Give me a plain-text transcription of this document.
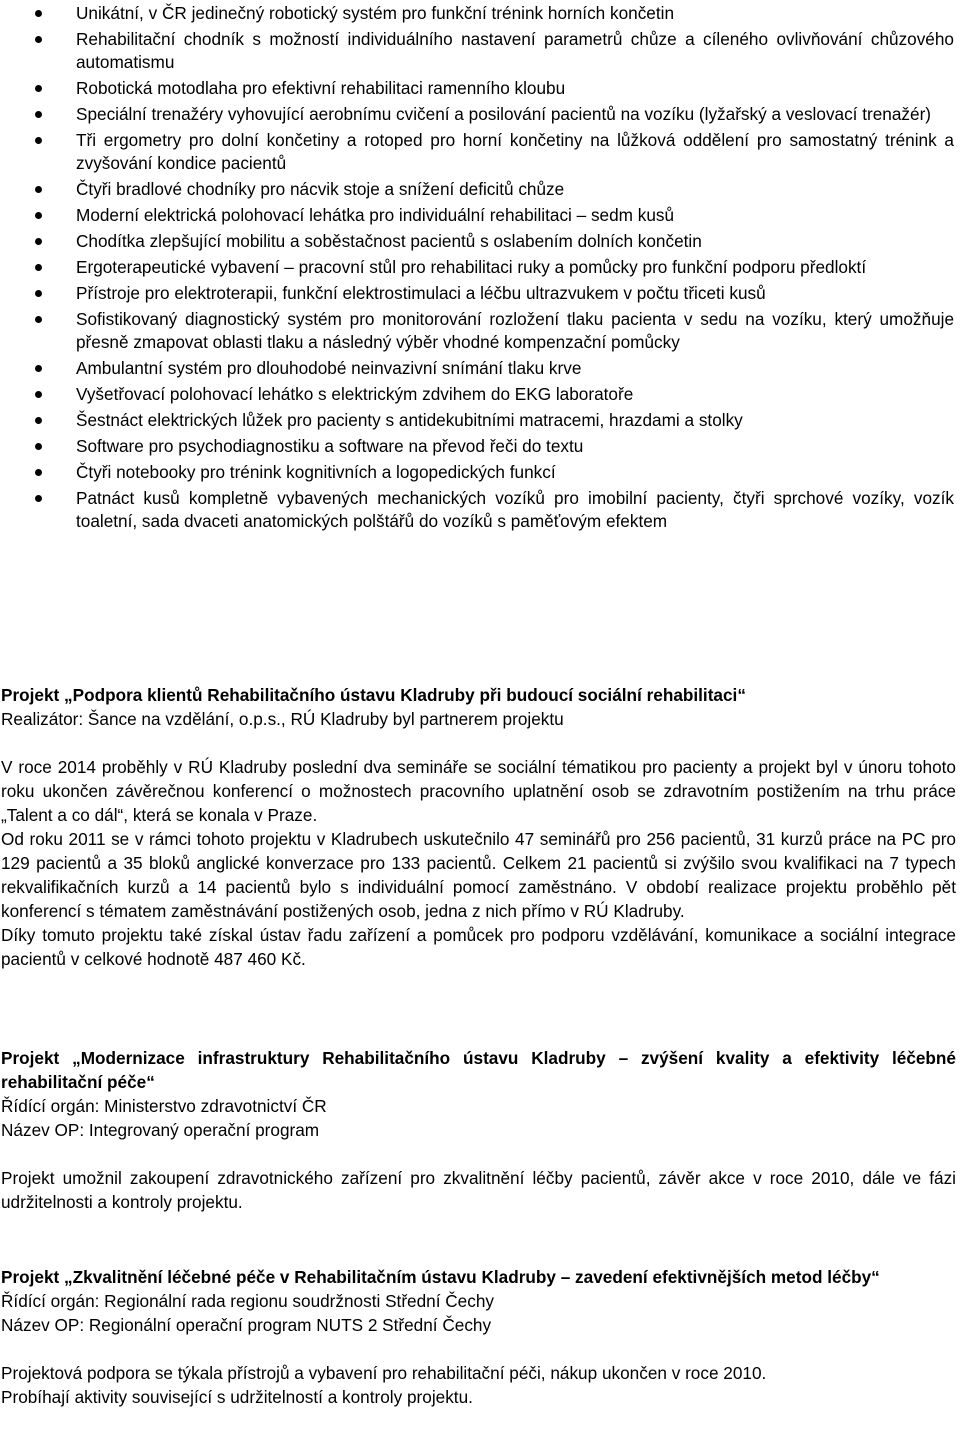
Unikátní, v ČR jedinečný robotický systém pro funkční trénink horních končetin
Rehabilitační chodník s možností individuálního nastavení parametrů chůze a cíleného ovlivňování chůzového automatismu
Robotická motodlaha pro efektivní rehabilitaci ramenního kloubu
Speciální trenažéry vyhovující aerobnímu cvičení a posilování pacientů na vozíku (lyžařský a veslovací trenažér)
Tři ergometry pro dolní končetiny a rotoped pro horní končetiny na lůžková oddělení pro samostatný trénink a zvyšování kondice pacientů
Čtyři bradlové chodníky pro nácvik stoje a snížení deficitů chůze
Moderní elektrická polohovací lehátka pro individuální rehabilitaci – sedm kusů
Chodítka zlepšující mobilitu a soběstačnost pacientů s oslabením dolních končetin
Ergoterapeutické vybavení – pracovní stůl pro rehabilitaci ruky a pomůcky pro funkční podporu předloktí
Přístroje pro elektroterapii, funkční elektrostimulaci a léčbu ultrazvukem v počtu třiceti kusů
Sofistikovaný diagnostický systém pro monitorování rozložení tlaku pacienta v sedu na vozíku, který umožňuje přesně zmapovat oblasti tlaku a následný výběr vhodné kompenzační pomůcky
Ambulantní systém pro dlouhodobé neinvazivní snímání tlaku krve
Vyšetřovací polohovací lehátko s elektrickým zdvihem do EKG laboratoře
Šestnáct elektrických lůžek pro pacienty s antidekubitními matracemi, hrazdami a stolky
Software pro psychodiagnostiku a software na převod řeči do textu
Čtyři notebooky pro trénink kognitivních a logopedických funkcí
Patnáct kusů kompletně vybavených mechanických vozíků pro imobilní pacienty, čtyři sprchové vozíky, vozík toaletní, sada dvaceti anatomických polštářů do vozíků s paměťovým efektem

Projekt „Podpora klientů Rehabilitačního ústavu Kladruby při budoucí sociální rehabilitaci“

Realizátor: Šance na vzdělání, o.p.s., RÚ Kladruby byl partnerem projektu

V roce 2014 proběhly v RÚ Kladruby poslední dva semináře se sociální tématikou pro pacienty a projekt byl v únoru tohoto roku ukončen závěrečnou konferencí o možnostech pracovního uplatnění osob se zdravotním postižením na trhu práce „Talent a co dál“, která se konala v Praze.

Od roku 2011 se v rámci tohoto projektu v Kladrubech uskutečnilo 47 seminářů pro 256 pacientů, 31 kurzů práce na PC pro 129 pacientů a 35 bloků anglické konverzace pro 133 pacientů. Celkem 21 pacientů si zvýšilo svou kvalifikaci na 7 typech rekvalifikačních kurzů a 14 pacientů bylo s individuální pomocí zaměstnáno. V období realizace projektu proběhlo pět konferencí s tématem zaměstnávání postižených osob, jedna z nich přímo v RÚ Kladruby.

Díky tomuto projektu také získal ústav řadu zařízení a pomůcek pro podporu vzdělávání, komunikace a sociální integrace pacientů v celkové hodnotě 487 460 Kč.

Projekt „Modernizace infrastruktury Rehabilitačního ústavu Kladruby – zvýšení kvality a efektivity léčebné rehabilitační péče“

Řídící orgán: Ministerstvo zdravotnictví ČR

Název OP: Integrovaný operační program

Projekt umožnil zakoupení zdravotnického zařízení pro zkvalitnění léčby pacientů, závěr akce v roce 2010, dále ve fázi udržitelnosti a kontroly projektu.

Projekt „Zkvalitnění léčebné péče v Rehabilitačním ústavu Kladruby – zavedení efektivnějších metod léčby“

Řídící orgán: Regionální rada regionu soudržnosti Střední Čechy

Název OP: Regionální operační program NUTS 2 Střední Čechy

Projektová podpora se týkala přístrojů a vybavení pro rehabilitační péči, nákup ukončen v roce 2010.

Probíhají aktivity související s udržitelností a kontroly projektu.
